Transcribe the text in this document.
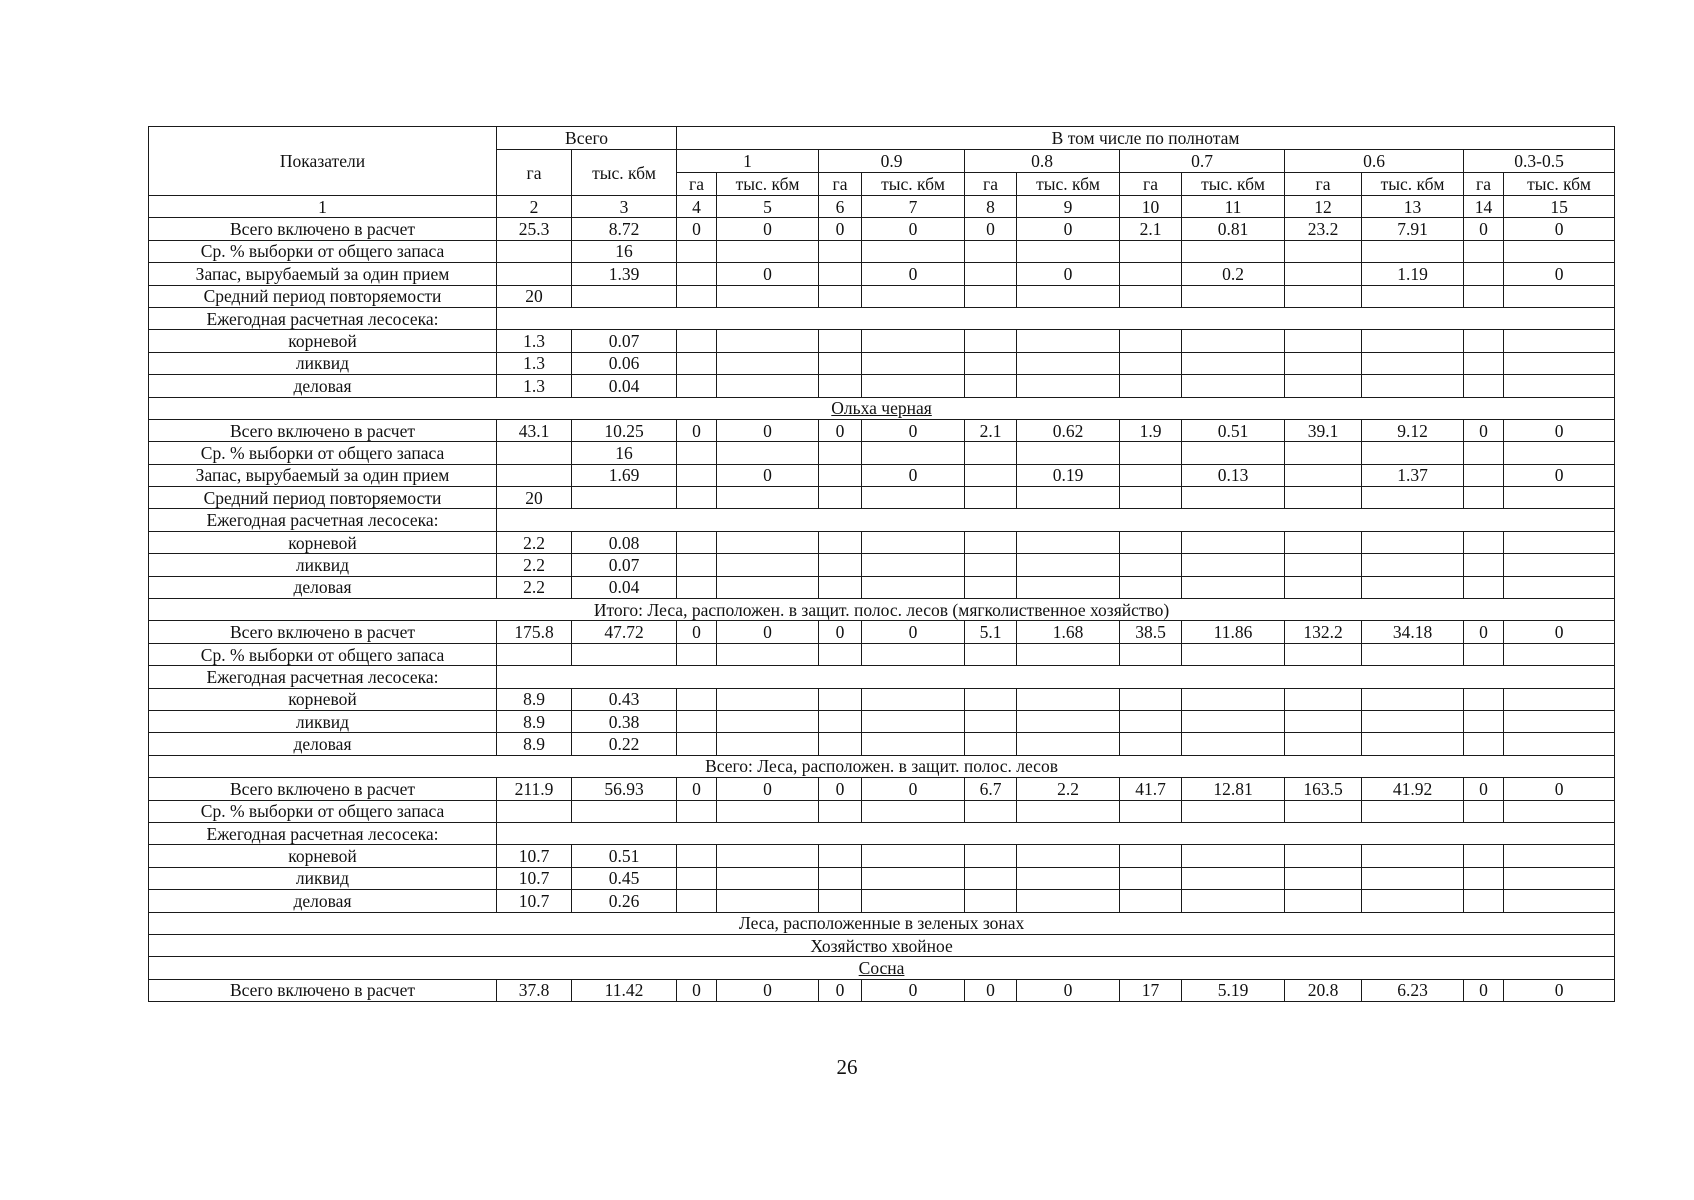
Показатели	Всего		В том числе по полнотам											
	га	тыс. кбм	1		0.9		0.8		0.7		0.6		0.3-0.5	
			га	тыс. кбм	га	тыс. кбм	га	тыс. кбм	га	тыс. кбм	га	тыс. кбм	га	тыс. кбм
1	2	3	4	5	6	7	8	9	10	11	12	13	14	15
Всего включено в расчет	25.3	8.72	0	0	0	0	0	0	2.1	0.81	23.2	7.91	0	0
Ср. % выборки от общего запаса		16												
Запас, вырубаемый за один прием		1.39		0		0		0		0.2		1.19		0
Средний период повторяемости	20													
Ежегодная расчетная лесосека:														
корневой	1.3	0.07												
ликвид	1.3	0.06												
деловая	1.3	0.04												
Ольха черная														
Всего включено в расчет	43.1	10.25	0	0	0	0	2.1	0.62	1.9	0.51	39.1	9.12	0	0
Ср. % выборки от общего запаса		16												
Запас, вырубаемый за один прием		1.69		0		0		0.19		0.13		1.37		0
Средний период повторяемости	20													
Ежегодная расчетная лесосека:														
корневой	2.2	0.08												
ликвид	2.2	0.07												
деловая	2.2	0.04												
Итого: Леса, расположен. в защит. полос. лесов (мягколиственное хозяйство)														
Всего включено в расчет	175.8	47.72	0	0	0	0	5.1	1.68	38.5	11.86	132.2	34.18	0	0
Ср. % выборки от общего запаса														
Ежегодная расчетная лесосека:														
корневой	8.9	0.43												
ликвид	8.9	0.38												
деловая	8.9	0.22												
Всего: Леса, расположен. в защит. полос. лесов														
Всего включено в расчет	211.9	56.93	0	0	0	0	6.7	2.2	41.7	12.81	163.5	41.92	0	0
Ср. % выборки от общего запаса														
Ежегодная расчетная лесосека:														
корневой	10.7	0.51												
ликвид	10.7	0.45												
деловая	10.7	0.26												
Леса, расположенные в зеленых зонах														
Хозяйство хвойное														
Сосна														
Всего включено в расчет	37.8	11.42	0	0	0	0	0	0	17	5.19	20.8	6.23	0	0
26
